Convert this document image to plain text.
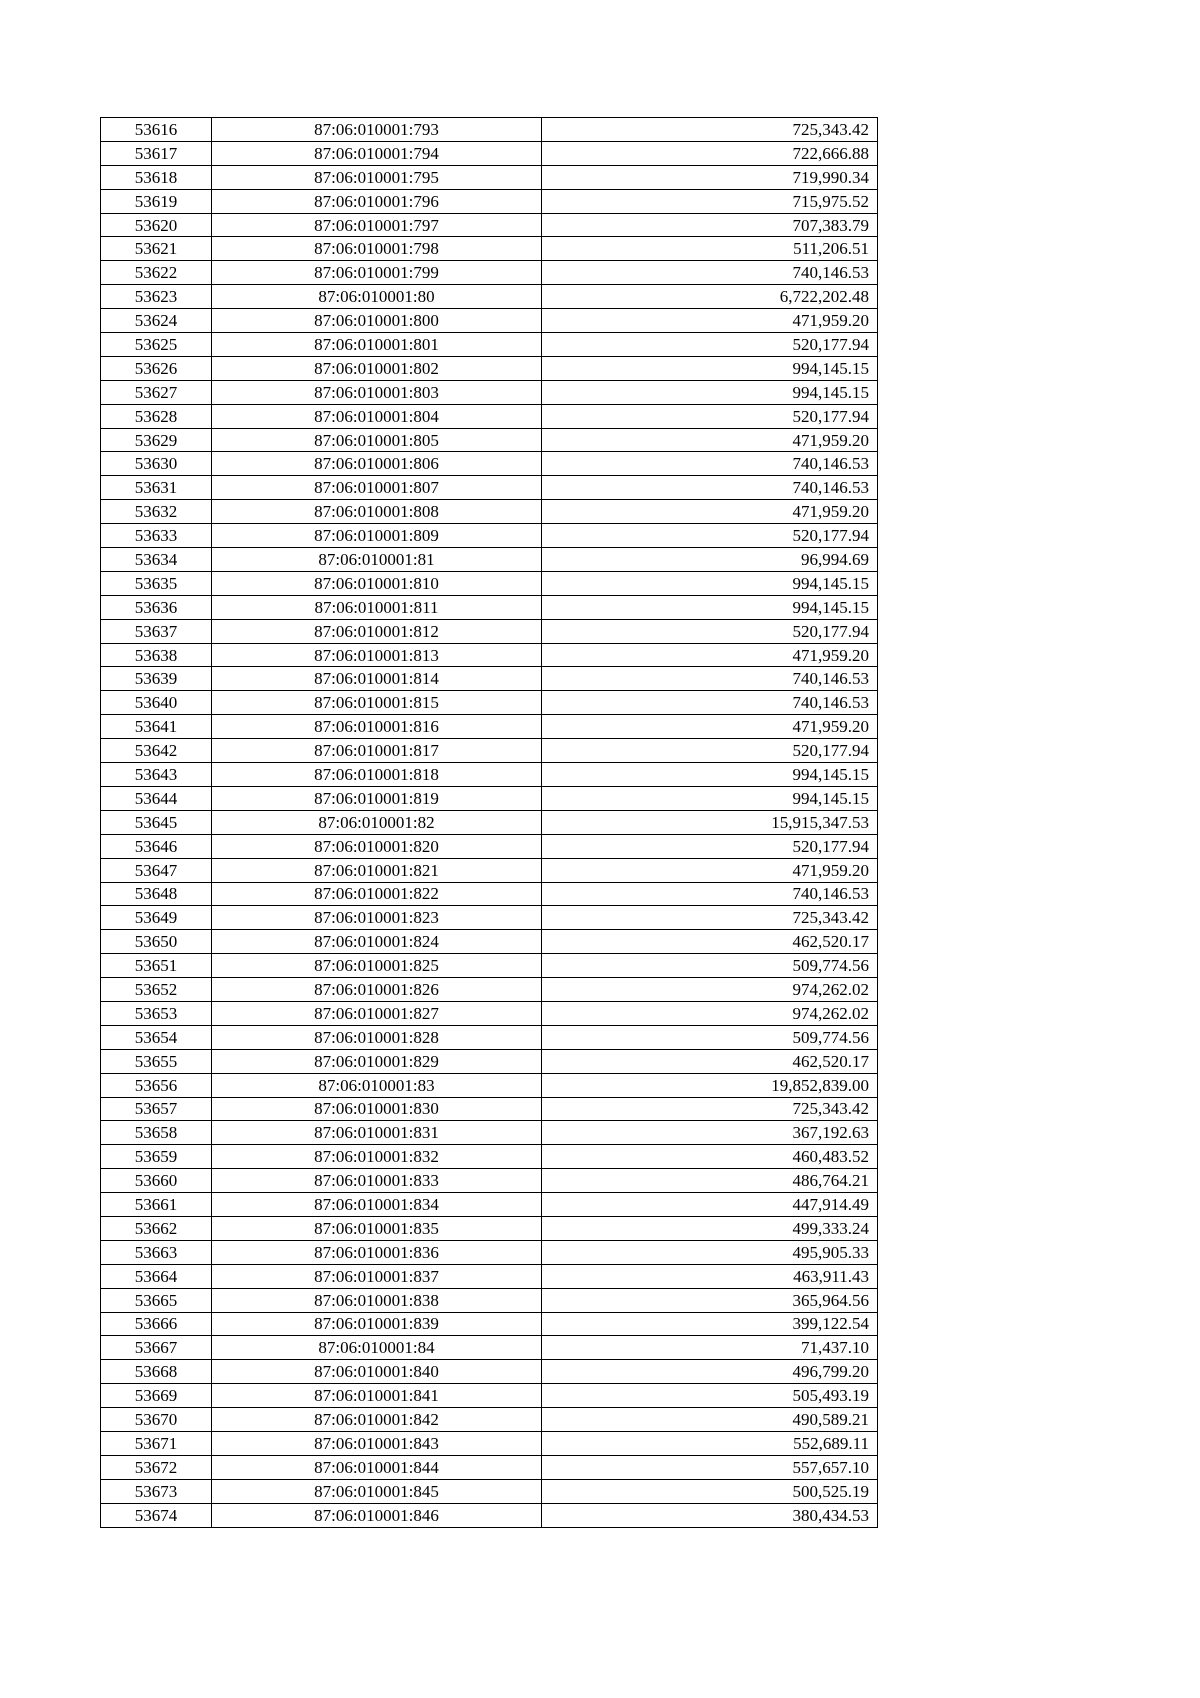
53616	87:06:010001:793	725,343.42
53617	87:06:010001:794	722,666.88
53618	87:06:010001:795	719,990.34
53619	87:06:010001:796	715,975.52
53620	87:06:010001:797	707,383.79
53621	87:06:010001:798	511,206.51
53622	87:06:010001:799	740,146.53
53623	87:06:010001:80	6,722,202.48
53624	87:06:010001:800	471,959.20
53625	87:06:010001:801	520,177.94
53626	87:06:010001:802	994,145.15
53627	87:06:010001:803	994,145.15
53628	87:06:010001:804	520,177.94
53629	87:06:010001:805	471,959.20
53630	87:06:010001:806	740,146.53
53631	87:06:010001:807	740,146.53
53632	87:06:010001:808	471,959.20
53633	87:06:010001:809	520,177.94
53634	87:06:010001:81	96,994.69
53635	87:06:010001:810	994,145.15
53636	87:06:010001:811	994,145.15
53637	87:06:010001:812	520,177.94
53638	87:06:010001:813	471,959.20
53639	87:06:010001:814	740,146.53
53640	87:06:010001:815	740,146.53
53641	87:06:010001:816	471,959.20
53642	87:06:010001:817	520,177.94
53643	87:06:010001:818	994,145.15
53644	87:06:010001:819	994,145.15
53645	87:06:010001:82	15,915,347.53
53646	87:06:010001:820	520,177.94
53647	87:06:010001:821	471,959.20
53648	87:06:010001:822	740,146.53
53649	87:06:010001:823	725,343.42
53650	87:06:010001:824	462,520.17
53651	87:06:010001:825	509,774.56
53652	87:06:010001:826	974,262.02
53653	87:06:010001:827	974,262.02
53654	87:06:010001:828	509,774.56
53655	87:06:010001:829	462,520.17
53656	87:06:010001:83	19,852,839.00
53657	87:06:010001:830	725,343.42
53658	87:06:010001:831	367,192.63
53659	87:06:010001:832	460,483.52
53660	87:06:010001:833	486,764.21
53661	87:06:010001:834	447,914.49
53662	87:06:010001:835	499,333.24
53663	87:06:010001:836	495,905.33
53664	87:06:010001:837	463,911.43
53665	87:06:010001:838	365,964.56
53666	87:06:010001:839	399,122.54
53667	87:06:010001:84	71,437.10
53668	87:06:010001:840	496,799.20
53669	87:06:010001:841	505,493.19
53670	87:06:010001:842	490,589.21
53671	87:06:010001:843	552,689.11
53672	87:06:010001:844	557,657.10
53673	87:06:010001:845	500,525.19
53674	87:06:010001:846	380,434.53
